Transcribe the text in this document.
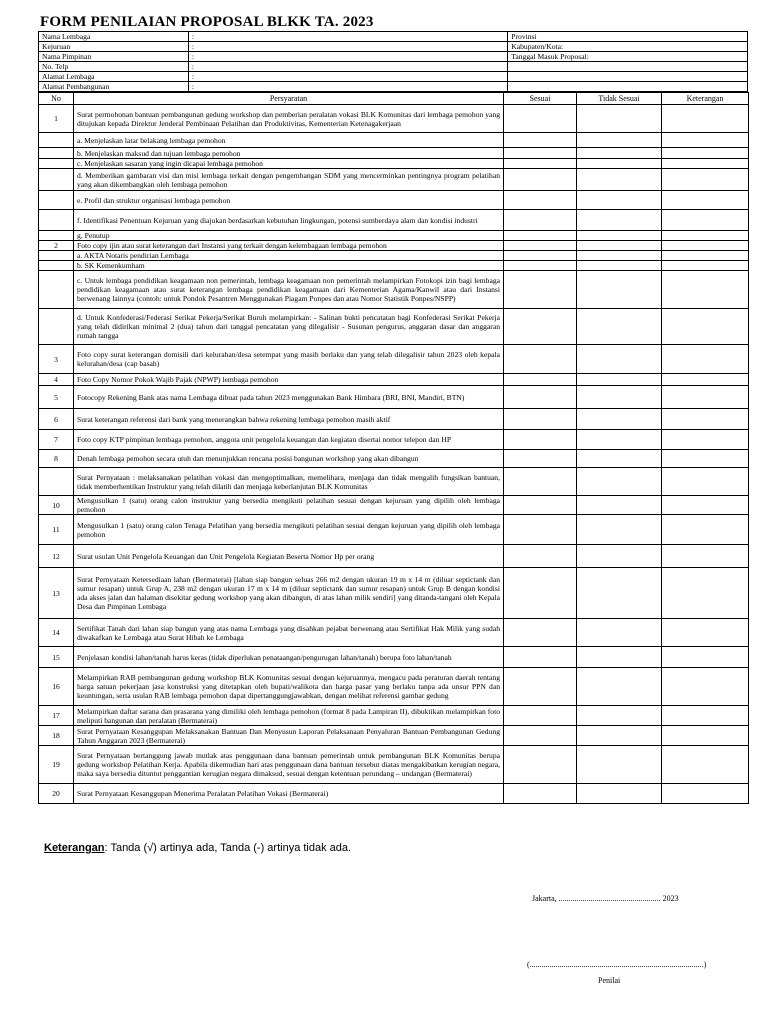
FORM PENILAIAN PROPOSAL BLKK TA. 2023
Nama Lembaga	:	Provinsi
Kejuruan	:	Kabupaten/Kota:
Nama Pimpinan	:	Tanggal Masuk Proposal:
No. Telp	:	
Alamat Lembaga	:	
Alamat Pembangunan	:	
No	Persyaratan	Sesuai	Tidak Sesuai	Keterangan
1	Surat permohonan bantuan pembangunan gedung workshop dan pemberian peralatan vokasi BLK Komunitas dari lembaga pemohon yang ditujukan kepada Direktur Jenderal Pembinaan Pelatihan dan Produktivitas, Kementerian Ketenagakerjaan			
	a. Menjelaskan latar belakang lembaga pemohon			
	b. Menjelaskan maksud dan tujuan lembaga pemohon			
	c. Menjelaskan sasaran yang ingin dicapai lembaga pemohon			
	d. Memberikan gambaran visi dan misi lembaga terkait dengan pengembangan SDM yang mencerminkan pentingnya program pelatihan yang akan dikembangkan oleh lembaga pemohon			
	e. Profil dan struktur organisasi lembaga pemohon			
	f. Identifikasi Penentuan Kejuruan yang diajukan berdasarkan kebutuhan lingkungan, potensi sumberdaya alam dan kondisi industri			
	g. Penutup			
2	Foto copy ijin atau surat keterangan dari Instansi yang terkait dengan kelembagaan lembaga pemohon			
	a. AKTA Notaris pendirian Lembaga			
	b. SK Kemenkumham			
	c. Untuk lembaga pendidikan keagamaan non pemerintah, lembaga keagamaan non pemerintah melampirkan Fotokopi izin bagi lembaga pendidikan keagamaan atau surat keterangan lembaga pendidikan keagamaan dari Kementerian Agama/Kanwil atau dari Instansi berwenang lainnya (contoh: untuk Pondok Pesantren Menggunakan Piagam Ponpes dan atau Nomor Statistik Ponpes/NSPP)			
	d. Untuk Konfederasi/Federasi Serikat Pekerja/Serikat Buruh melampirkan: - Salinan bukti pencatatan bagi Konfederasi Serikat Pekerja yang telah didirikan minimal 2 (dua) tahun dari tanggal pencatatan yang dilegalisir - Susunan pengurus, anggaran dasar dan anggaran rumah tangga			
3	Foto copy surat keterangan domisili dari kelurahan/desa setempat yang masih berlaku dan yang telah dilegalisir tahun 2023 oleh kepala kelurahan/desa (cap basah)			
4	Foto Copy Nomor Pokok Wajib Pajak (NPWP) lembaga pemohon			
5	Fotocopy Rekening Bank atas nama Lembaga dibuat pada tahun 2023 menggunakan Bank Himbara (BRI, BNI, Mandiri, BTN)			
6	Surat keterangan referensi dari bank yang menerangkan bahwa rekening lembaga pemohon masih aktif			
7	Foto copy KTP pimpinan lembaga pemohon, anggota unit pengelola keuangan dan kegiatan disertai nomor telepon dan HP			
8	Denah lembaga pemohon secara utuh dan menunjukkan rencana posisi bangunan workshop yang akan dibangun			
	Surat Pernyataan : melaksanakan pelatihan vokasi dan mengoptimalkan, memelihara, menjaga dan tidak mengalih fungsikan bantuan, tidak memberhentikan Instruktur yang telah dilatih dan menjaga keberlanjutan BLK Komunitas			
10	Mengusulkan 1 (satu) orang calon instruktur yang bersedia mengikuti pelatihan sesuai dengan kejuruan yang dipilih oleh lembaga pemohon			
11	Mengusulkan 1 (satu) orang calon Tenaga Pelatihan yang bersedia mengikuti pelatihan sesuai dengan kejuruan yang dipilih oleh lembaga pemohon			
12	Surat usulan Unit Pengelola Keuangan dan Unit Pengelola Kegiatan Beserta Nomor Hp per orang			
13	Surat Pernyataan Ketersediaan lahan (Bermaterai) [lahan siap bangun seluas 266 m2 dengan ukuran 19 m x 14 m (diluar septictank dan sumur resapan) untuk Grup A, 238 m2 dengan ukuran 17 m x 14 m (diluar septictank dan sumur resapan) untuk Grup B dengan kondisi ada akses jalan dan halaman disekitar gedung workshop yang akan dibangun, di atas lahan milik sendiri] yang ditanda-tangani oleh Kepala Desa dan Pimpinan Lembaga			
14	Sertifikat Tanah dari lahan siap bangun yang atas nama Lembaga yang disahkan pejabat berwenang atau Sertifikat Hak Milik yang sudah diwakafkan ke Lembaga atau Surat Hibah ke Lembaga			
15	Penjelasan kondisi lahan/tanah harus keras (tidak diperlukan penataangan/pengurugan lahan/tanah) berupa foto lahan/tanah			
16	Melampirkan RAB pembangunan gedung workshop BLK Komunitas sesuai dengan kejuruannya, mengacu pada peraturan daerah tentang harga satuan pekerjaan jasa konstruksi yang ditetapkan oleh bupati/walikota dan harga pasar yang berlaku tanpa ada unsur PPN dan keuntungan, serta usulan RAB lembaga pemohon dapat dipertanggungjawabkan, dengan melihat referensi gambar gedung			
17	Melampirkan daftar sarana dan prasarana yang dimiliki oleh lembaga pemohon (format 8 pada Lampiran II), dibuktikan melampirkan foto meliputi bangunan dan peralatan (Bermaterai)			
18	Surat Pernyataan Kesanggupan Melaksanakan Bantuan Dan Menyusun Laporan Pelaksanaan Penyaluran Bantuan Pembangunan Gedung Tahun Anggaran 2023 (Bermaterai)			
19	Surat Pernyataan bertanggung jawab mutlak atas penggunaan dana bantuan pemerintah untuk pembangunan BLK Komunitas berupa gedung workshop Pelatihan Kerja. Apabila dikemudian hari atas penggunaan dana bantuan tersebut diatas mengakibatkan kerugian negara, maka saya bersedia dituntut penggantian kerugian negara dimaksud, sesuai dengan ketentuan perundang – undangan (Bermaterai)			
20	Surat Pernyataan Kesanggupan Menerima Peralatan Pelatihan Vokasi (Bermaterai)			
Keterangan: Tanda (√) artinya ada, Tanda (-) artinya tidak ada.
Jakarta, ................................................... 2023
(.......................................................................................)
Penilai
